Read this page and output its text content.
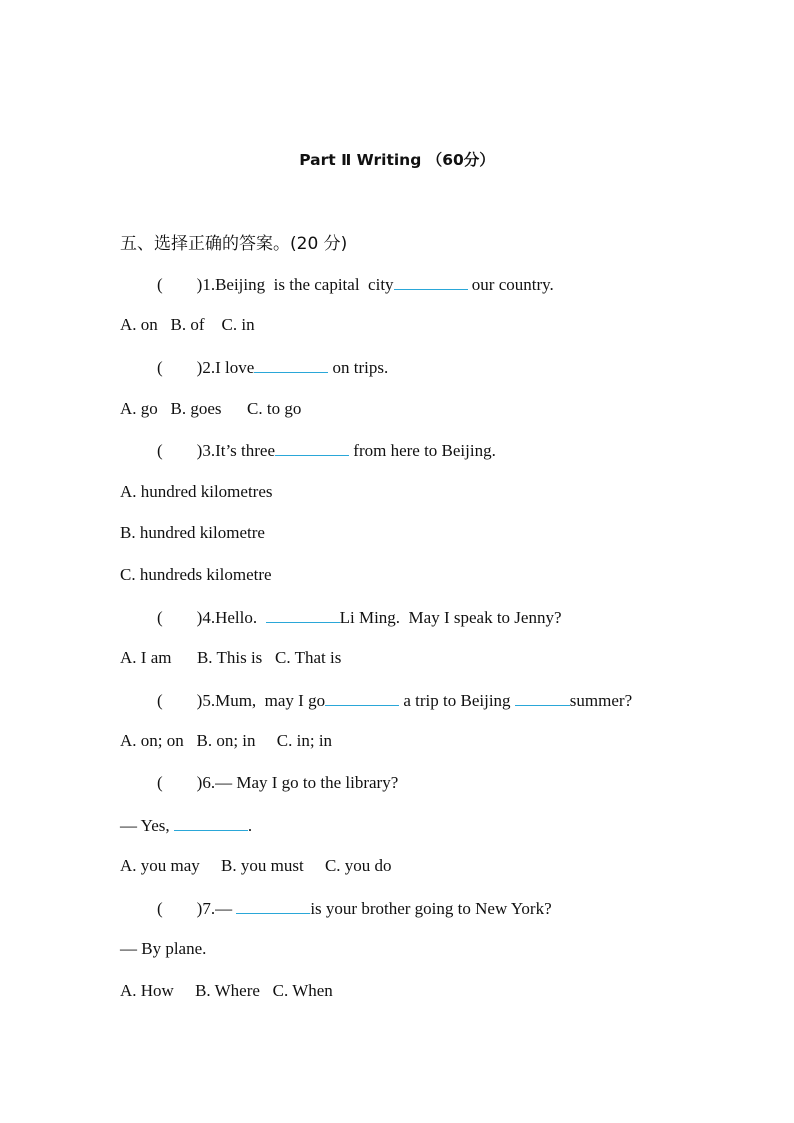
Part Ⅱ Writing （60分）
五、选择正确的答案。(20 分)
(        )1.Beijing  is the capital  city	our country.
A. on   B. of    C. in
(        )2.I love	on trips.
A. go   B. goes      C. to go
(        )3.It’s three	from here to Beijing.
A. hundred kilometres
B. hundred kilometre
C. hundreds kilometre
(        )4.Hello.	Li Ming.  May I speak to Jenny?
A. I am      B. This is   C. That is
(        )5.Mum,  may I go	a trip to Beijing	summer?
A. on; on   B. on; in     C. in; in
(        )6.— May I go to the library?
— Yes,	.
A. you may     B. you must     C. you do
(        )7.—	is your brother going to New York?
— By plane.
A. How     B. Where   C. When
